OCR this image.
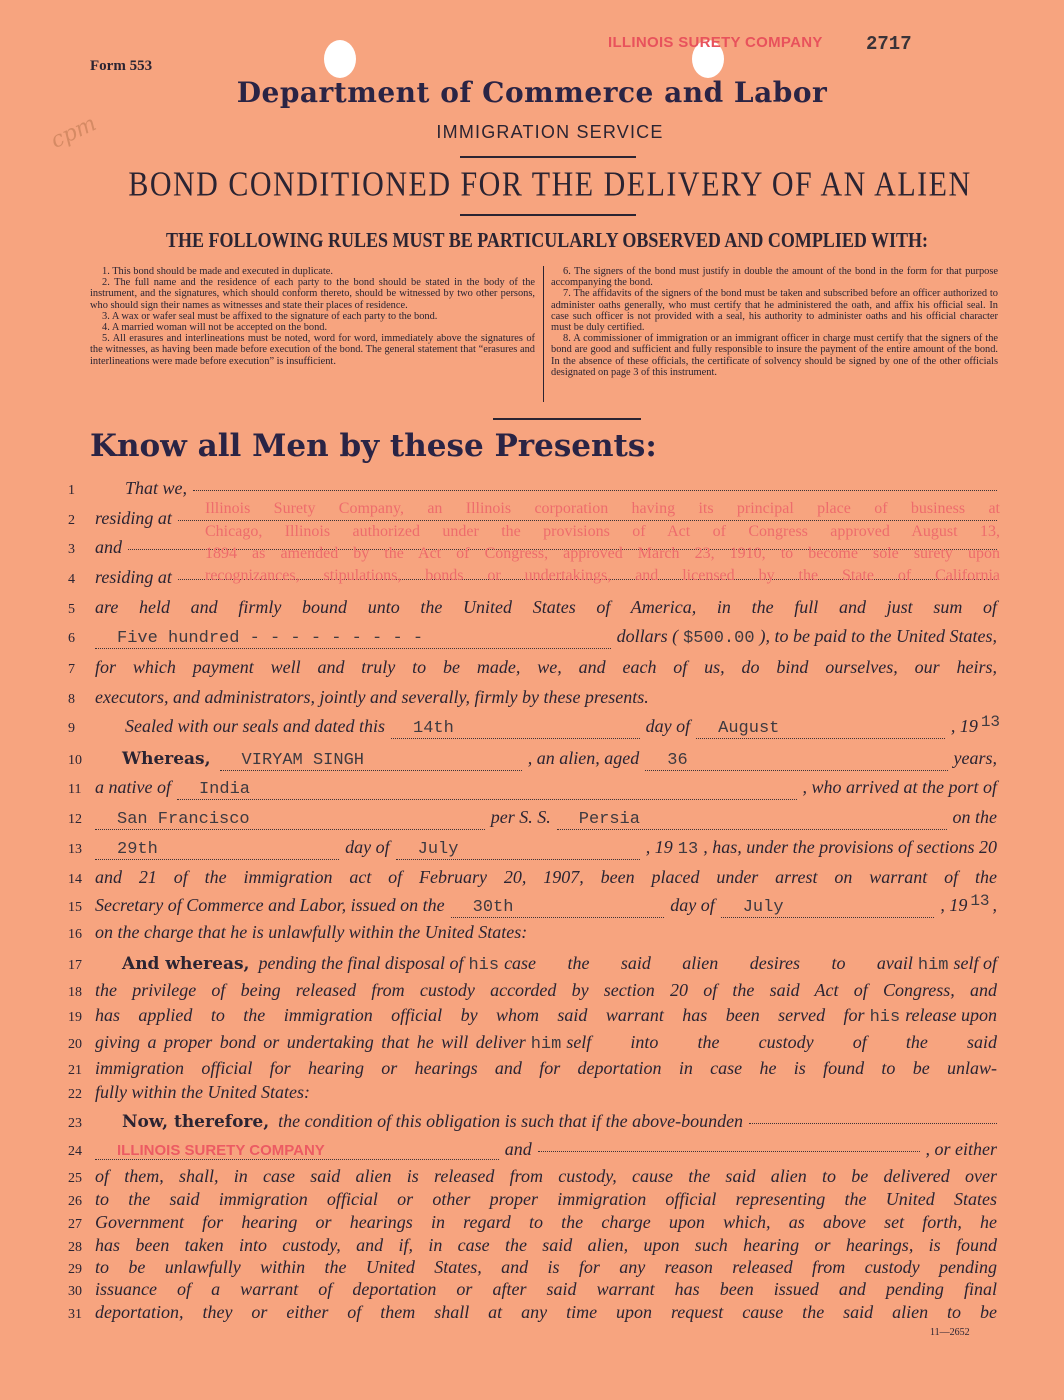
Form 553
ILLINOIS SURETY COMPANY 2717
cpm
Department of Commerce and Labor
IMMIGRATION SERVICE
BOND CONDITIONED FOR THE DELIVERY OF AN ALIEN
THE FOLLOWING RULES MUST BE PARTICULARLY OBSERVED AND COMPLIED WITH:

1. This bond should be made and executed in duplicate.

2. The full name and the residence of each party to the bond should be stated in the body of the instrument, and the signatures, which should conform thereto, should be witnessed by two other persons, who should sign their names as witnesses and state their places of residence.

3. A wax or wafer seal must be affixed to the signature of each party to the bond.

4. A married woman will not be accepted on the bond.

5. All erasures and interlineations must be noted, word for word, immediately above the signatures of the witnesses, as having been made before execution of the bond. The general statement that “erasures and interlineations were made before execution” is insufficient.

6. The signers of the bond must justify in double the amount of the bond in the form for that purpose accompanying the bond.

7. The affidavits of the signers of the bond must be taken and subscribed before an officer authorized to administer oaths generally, who must certify that he administered the oath, and affix his official seal. In case such officer is not provided with a seal, his authority to administer oaths and his official character must be duly certified.

8. A commissioner of immigration or an immigrant officer in charge must certify that the signers of the bond are good and sufficient and fully responsible to insure the payment of the entire amount of the bond. In the absence of these officials, the certificate of solvency should be signed by one of the other officials designated on page 3 of this instrument.

Know all Men by these Presents:
1	That we,
2	residing at
3	and
4	residing at
5	are held and firmly bound unto the United States of America, in the full and just sum of
6	Five hundred - - - - - - - - -	dollars ( $500.00 ), to be paid to the United States,
7	for which payment well and truly to be made, we, and each of us, do bind ourselves, our heirs,
8	executors, and administrators, jointly and severally, firmly by these presents.
9	Sealed with our seals and dated this	14th	day of	August	, 19 13
10	Whereas,	VIRYAM SINGH	, an alien, aged	36	years,
11 a native of	India	, who arrived at the port of
12	San Francisco	per S. S.	Persia	on the
13	29th	day of	July	, 19 13 , has, under the provisions of sections 20
14 and 21 of the immigration act of February 20, 1907, been placed under arrest on warrant of the
15 Secretary of Commerce and Labor, issued on the	30th	day of	July	, 19 13 ,
16 on the charge that he is unlawfully within the United States:
17	And whereas, pending the final disposal of his case the said alien desires to avail him self of
18 the privilege of being released from custody accorded by section 20 of the said Act of Congress, and
19 has applied to the immigration official by whom said warrant has been served for his release upon
20 giving a proper bond or undertaking that he will deliver him self into the custody of the said
21 immigration official for hearing or hearings and for deportation in case he is found to be unlaw-
22 fully within the United States:
23	Now, therefore, the condition of this obligation is such that if the above-bounden
24	ILLINOIS SURETY COMPANY	and	, or either
25 of them, shall, in case said alien is released from custody, cause the said alien to be delivered over
26 to the said immigration official or other proper immigration official representing the United States
27 Government for hearing or hearings in regard to the charge upon which, as above set forth, he
28 has been taken into custody, and if, in case the said alien, upon such hearing or hearings, is found
29 to be unlawfully within the United States, and is for any reason released from custody pending
30 issuance of a warrant of deportation or after said warrant has been issued and pending final
31 deportation, they or either of them shall at any time upon request cause the said alien to be
Illinois Surety Company, an Illinois corporation having its principal place of business at
Chicago, Illinois authorized under the provisions of Act of Congress approved August 13,
1894 as amended by the Act of Congress, approved March 23, 1910, to become sole surety upon
recognizances, stipulations, bonds or undertakings, and licensed by the State of California
11—2652
